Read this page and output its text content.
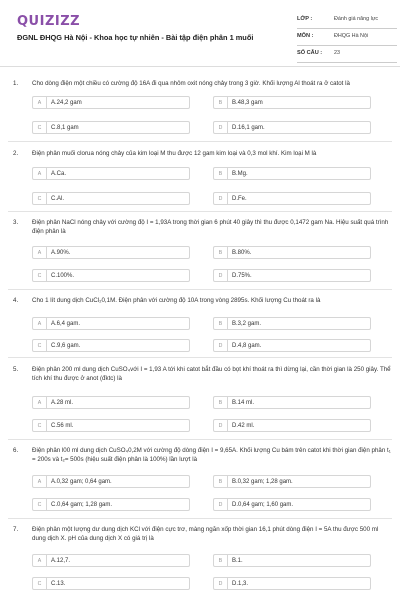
QUIZIZZ
ĐGNL ĐHQG Hà Nội - Khoa học tự nhiên - Bài tập điện phân 1 muối
LỚP :	Đánh giá năng lực
MÔN :	ĐHQG Hà Nội
SỐ CÂU : 23
1. Cho dòng điện một chiều có cường độ 16A đi qua nhôm oxit nóng chảy trong 3 giờ. Khối lượng Al thoát ra ở catot là
A	A.24,2 gam	B	B.48,3 gam
C	C.8,1 gam	D	D.16,1 gam.
2. Điện phân muối clorua nóng chảy của kim loại M thu được 12 gam kim loại và 0,3 mol khí. Kim loại M là
A	A.Ca.	B	B.Mg.
C	C.Al.	D	D.Fe.
3. Điện phân NaCl nóng chảy với cường độ I = 1,93A trong thời gian 6 phút 40 giây thì thu được 0,1472 gam Na. Hiệu suất quá trình điện phân là
A	A.90%.	B	B.80%.
C	C.100%.	D	D.75%.
4. Cho 1 lít dung dịch CuCl₂0,1M. Điện phân với cường độ 10A trong vòng 2895s. Khối lượng Cu thoát ra là
A	A.6,4 gam.	B	B.3,2 gam.
C	C.9,6 gam.	D	D.4,8 gam.
5. Điện phân 200 ml dung dịch CuSO₄với I = 1,93 A tới khi catot bắt đầu có bọt khí thoát ra thì dừng lại, cần thời gian là 250 giây. Thể tích khí thu được ở anot (đktc) là
A	A.28 ml.	B	B.14 ml.
C	C.56 ml.	D	D.42 ml.
6. Điện phân l00 ml dung dịch CuSO₄0,2M với cường độ dòng điện I = 9,65A. Khối lượng Cu bám trên catot khi thời gian điện phân t₁ = 200s và t₂= 500s (hiệu suất điện phân là 100%) lần lượt là
A	A.0,32 gam; 0,64 gam.	B	B.0,32 gam; 1,28 gam.
C	C.0,64 gam; 1,28 gam.	D	D.0,64 gam; 1,60 gam.
7. Điện phân một lượng dư dung dịch KCl với điện cực trơ, màng ngăn xốp thời gian 16,1 phút dòng điện I = 5A thu được 500 ml dung dịch X. pH của dung dịch X có giá trị là
A	A.12,7.	B	B.1.
C	C.13.	D	D.1,3.
